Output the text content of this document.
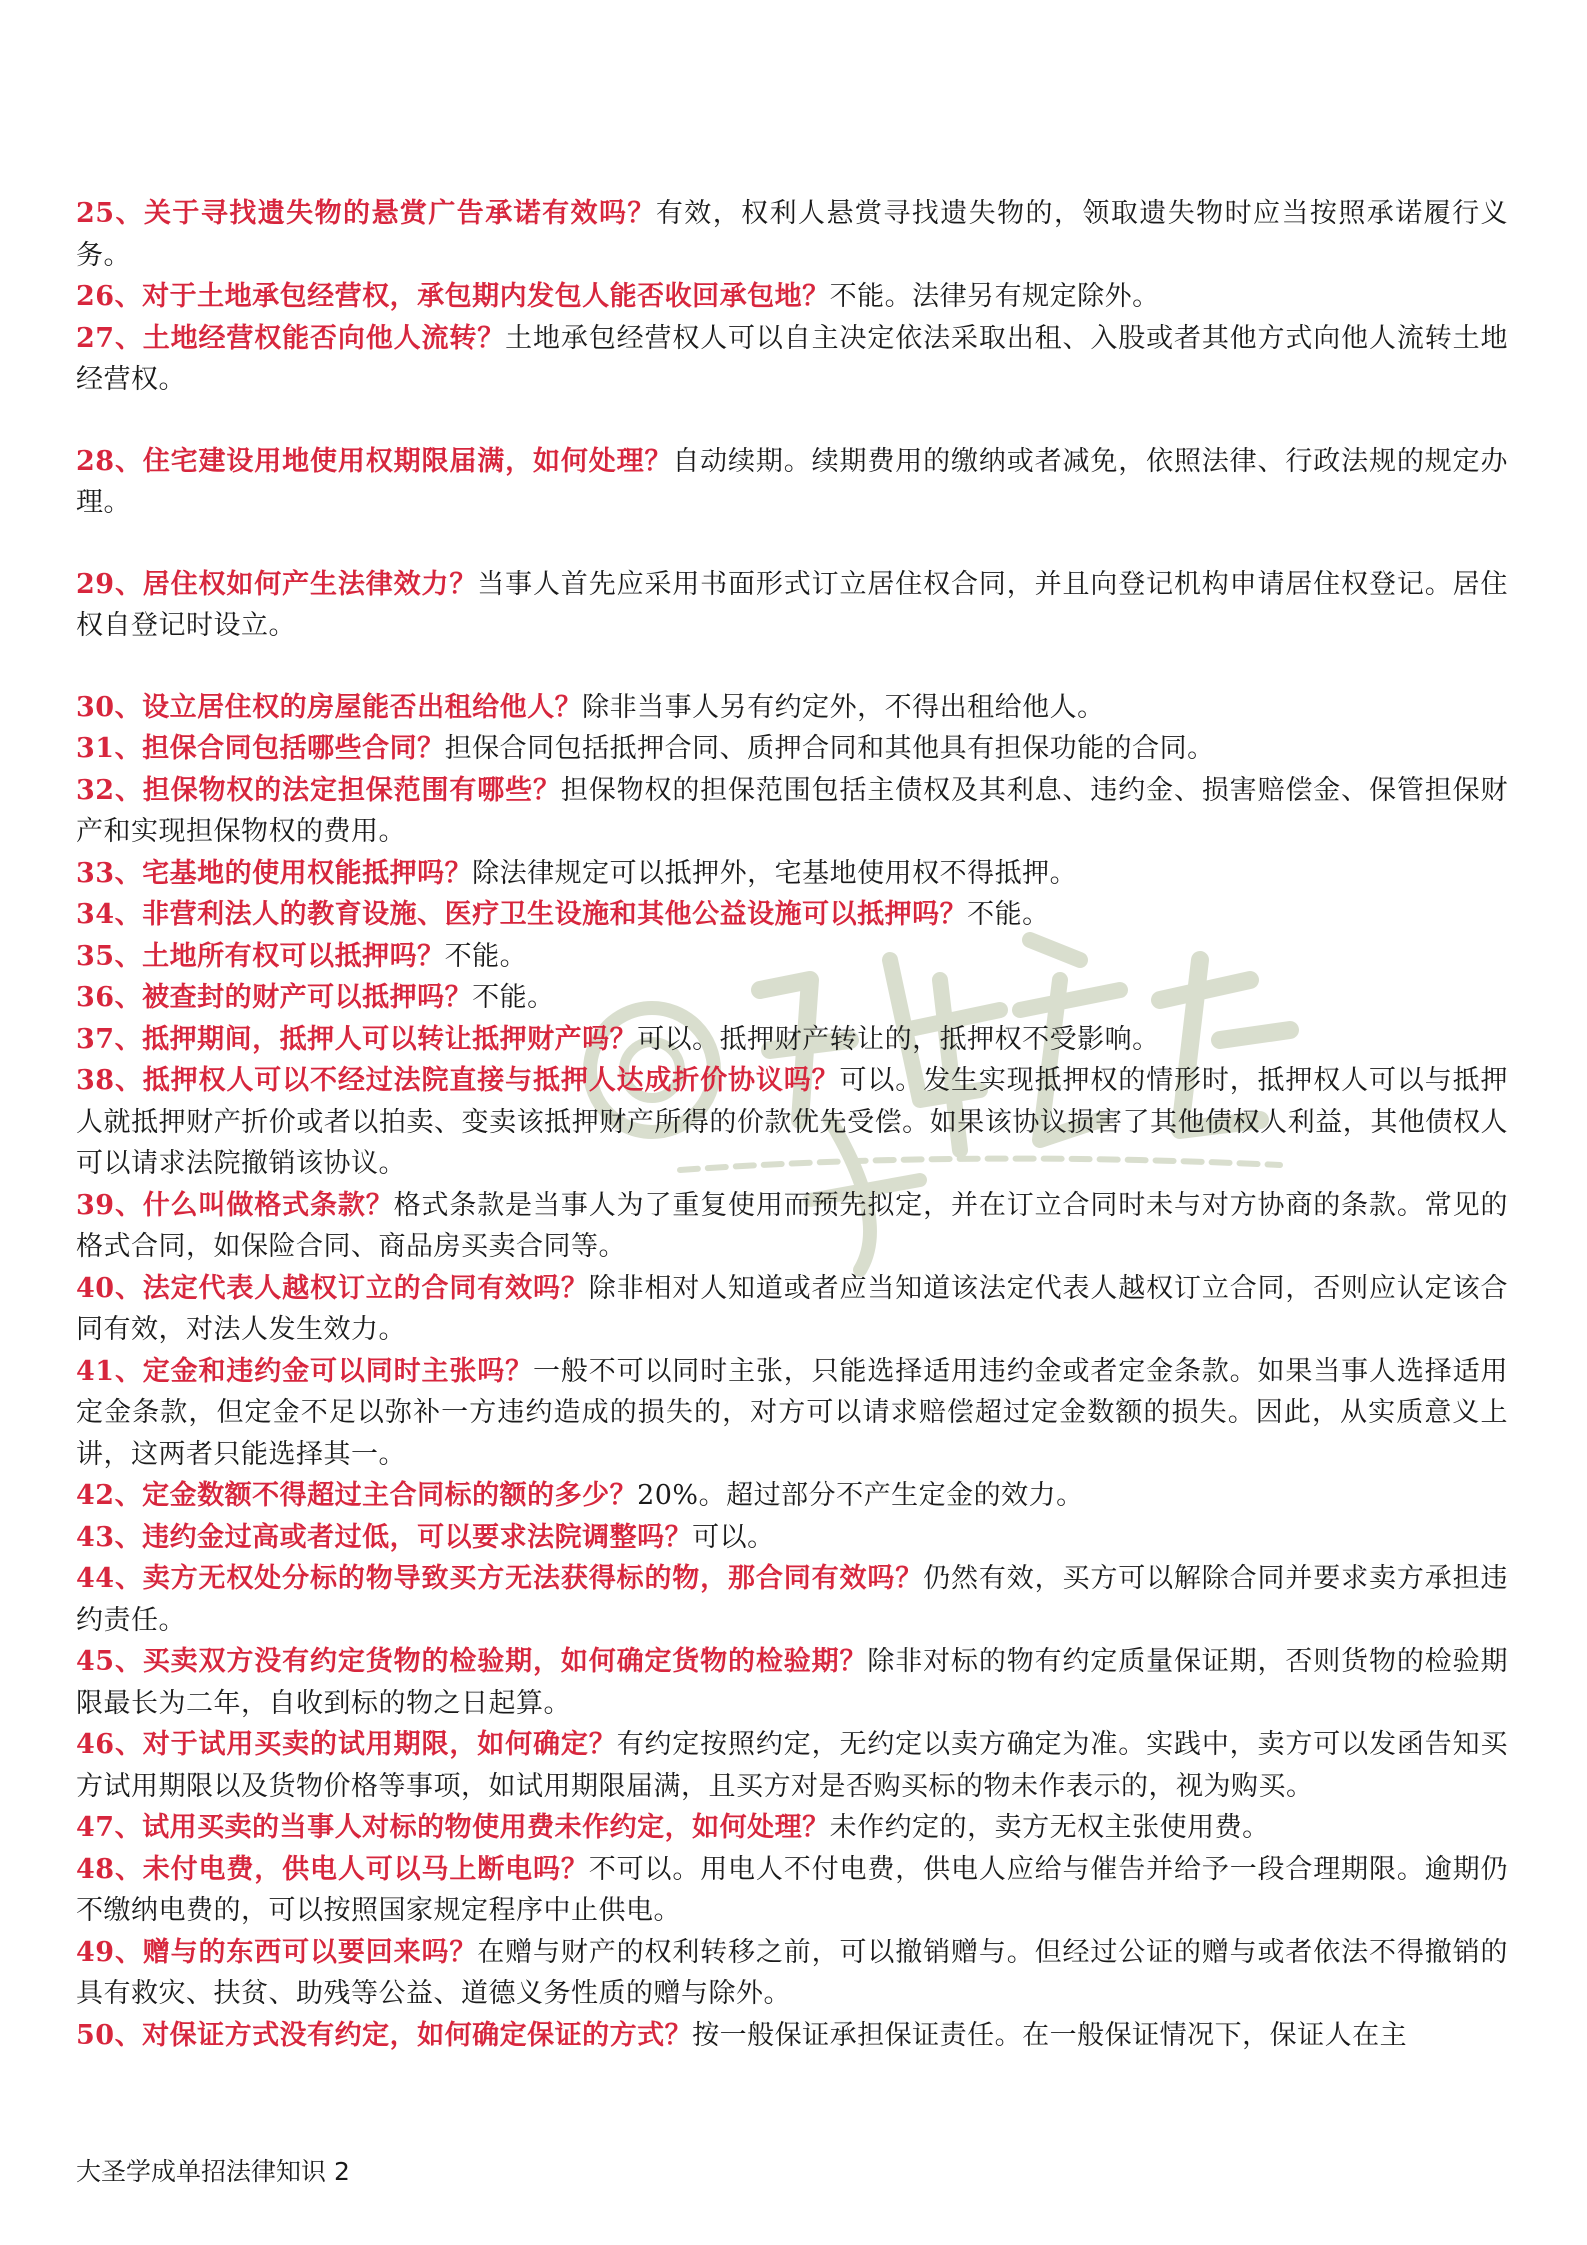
25、关于寻找遗失物的悬赏广告承诺有效吗？有效，权利人悬赏寻找遗失物的，领取遗失物时应当按照承诺履行义务。
26、对于土地承包经营权，承包期内发包人能否收回承包地？不能。法律另有规定除外。
27、土地经营权能否向他人流转？土地承包经营权人可以自主决定依法采取出租、入股或者其他方式向他人流转土地经营权。
28、住宅建设用地使用权期限届满，如何处理？自动续期。续期费用的缴纳或者减免，依照法律、行政法规的规定办理。
29、居住权如何产生法律效力？当事人首先应采用书面形式订立居住权合同，并且向登记机构申请居住权登记。居住权自登记时设立。
30、设立居住权的房屋能否出租给他人？除非当事人另有约定外，不得出租给他人。
31、担保合同包括哪些合同？担保合同包括抵押合同、质押合同和其他具有担保功能的合同。
32、担保物权的法定担保范围有哪些？担保物权的担保范围包括主债权及其利息、违约金、损害赔偿金、保管担保财产和实现担保物权的费用。
33、宅基地的使用权能抵押吗？除法律规定可以抵押外，宅基地使用权不得抵押。
34、非营利法人的教育设施、医疗卫生设施和其他公益设施可以抵押吗？不能。
35、土地所有权可以抵押吗？不能。
36、被查封的财产可以抵押吗？不能。
37、抵押期间，抵押人可以转让抵押财产吗？可以。抵押财产转让的，抵押权不受影响。
38、抵押权人可以不经过法院直接与抵押人达成折价协议吗？可以。发生实现抵押权的情形时，抵押权人可以与抵押人就抵押财产折价或者以拍卖、变卖该抵押财产所得的价款优先受偿。如果该协议损害了其他债权人利益，其他债权人可以请求法院撤销该协议。
39、什么叫做格式条款？格式条款是当事人为了重复使用而预先拟定，并在订立合同时未与对方协商的条款。常见的格式合同，如保险合同、商品房买卖合同等。
40、法定代表人越权订立的合同有效吗？除非相对人知道或者应当知道该法定代表人越权订立合同，否则应认定该合同有效，对法人发生效力。
41、定金和违约金可以同时主张吗？一般不可以同时主张，只能选择适用违约金或者定金条款。如果当事人选择适用定金条款，但定金不足以弥补一方违约造成的损失的，对方可以请求赔偿超过定金数额的损失。因此，从实质意义上讲，这两者只能选择其一。
42、定金数额不得超过主合同标的额的多少？20%。超过部分不产生定金的效力。
43、违约金过高或者过低，可以要求法院调整吗？可以。
44、卖方无权处分标的物导致买方无法获得标的物，那合同有效吗？仍然有效，买方可以解除合同并要求卖方承担违约责任。
45、买卖双方没有约定货物的检验期，如何确定货物的检验期？除非对标的物有约定质量保证期，否则货物的检验期限最长为二年，自收到标的物之日起算。
46、对于试用买卖的试用期限，如何确定？有约定按照约定，无约定以卖方确定为准。实践中，卖方可以发函告知买方试用期限以及货物价格等事项，如试用期限届满，且买方对是否购买标的物未作表示的，视为购买。
47、试用买卖的当事人对标的物使用费未作约定，如何处理？未作约定的，卖方无权主张使用费。
48、未付电费，供电人可以马上断电吗？不可以。用电人不付电费，供电人应给与催告并给予一段合理期限。逾期仍不缴纳电费的，可以按照国家规定程序中止供电。
49、赠与的东西可以要回来吗？在赠与财产的权利转移之前，可以撤销赠与。但经过公证的赠与或者依法不得撤销的具有救灾、扶贫、助残等公益、道德义务性质的赠与除外。
50、对保证方式没有约定，如何确定保证的方式？按一般保证承担保证责任。在一般保证情况下，保证人在主
大圣学成单招法律知识 2
